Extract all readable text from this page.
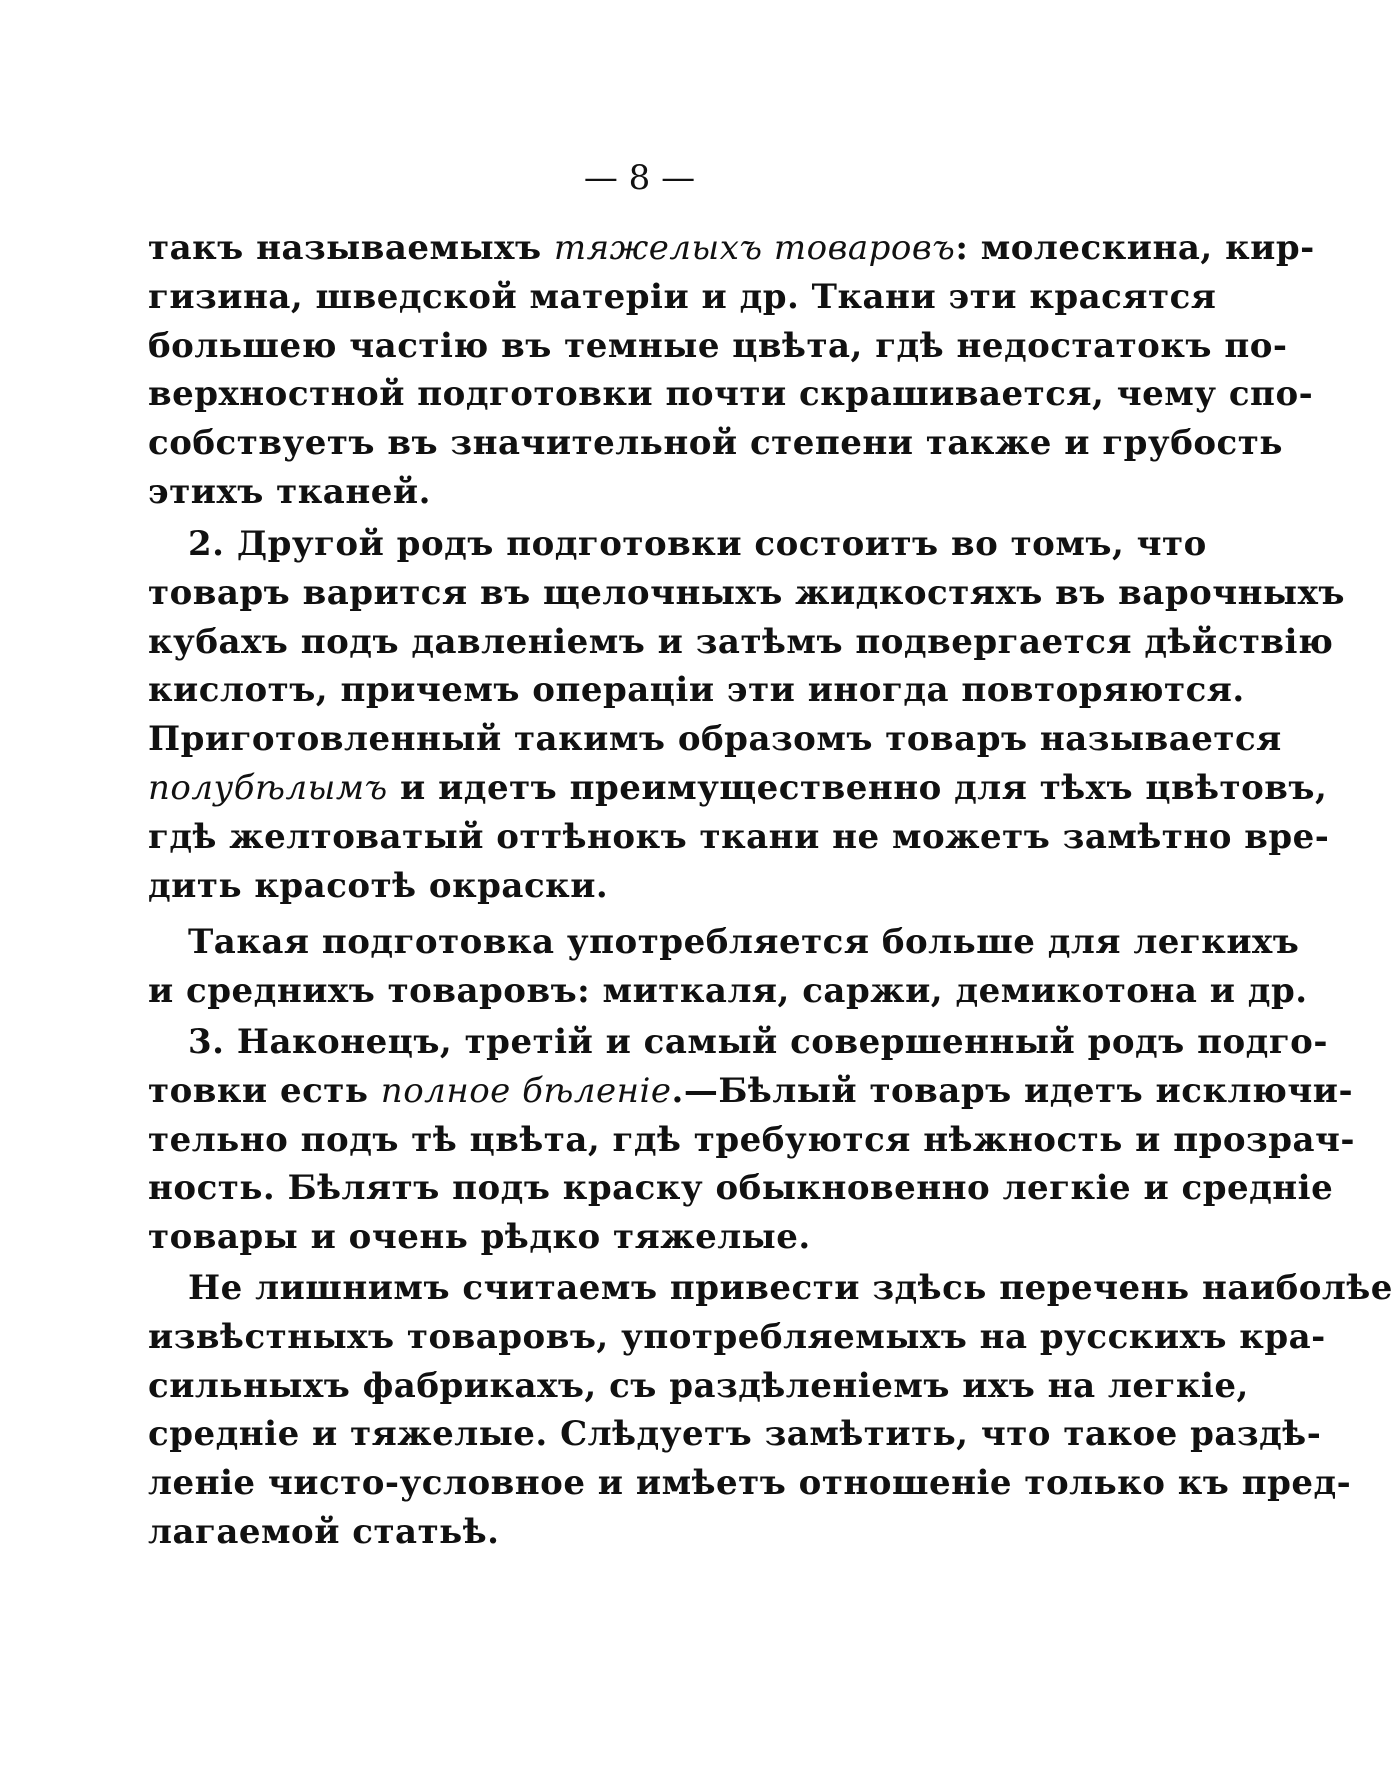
— 8 —
такъ называемыхъ тяжелыхъ товаровъ: молескина, кир-
гизина, шведской матеріи и др. Ткани эти красятся
большею частію въ темные цвѣта, гдѣ недостатокъ по-
верхностной подготовки почти скрашивается, чему спо-
собствуетъ въ значительной степени также и грубость
этихъ тканей.
2. Другой родъ подготовки состоитъ во томъ, что
товаръ варится въ щелочныхъ жидкостяхъ въ варочныхъ
кубахъ подъ давленіемъ и затѣмъ подвергается дѣйствію
кислотъ, причемъ операціи эти иногда повторяются.
Приготовленный такимъ образомъ товаръ называется
полубѣлымъ и идетъ преимущественно для тѣхъ цвѣтовъ,
гдѣ желтоватый оттѣнокъ ткани не можетъ замѣтно вре-
дить красотѣ окраски.
Такая подготовка употребляется больше для легкихъ
и среднихъ товаровъ: миткаля, саржи, демикотона и др.
3. Наконецъ, третій и самый совершенный родъ подго-
товки есть полное бѣленіе.—Бѣлый товаръ идетъ исключи-
тельно подъ тѣ цвѣта, гдѣ требуются нѣжность и прозрач-
ность. Бѣлятъ подъ краску обыкновенно легкіе и средніе
товары и очень рѣдко тяжелые.
Не лишнимъ считаемъ привести здѣсь перечень наиболѣе
извѣстныхъ товаровъ, употребляемыхъ на русскихъ кра-
сильныхъ фабрикахъ, съ раздѣленіемъ ихъ на легкіе,
средніе и тяжелые. Слѣдуетъ замѣтить, что такое раздѣ-
леніе чисто-условное и имѣетъ отношеніе только къ пред-
лагаемой статьѣ.
